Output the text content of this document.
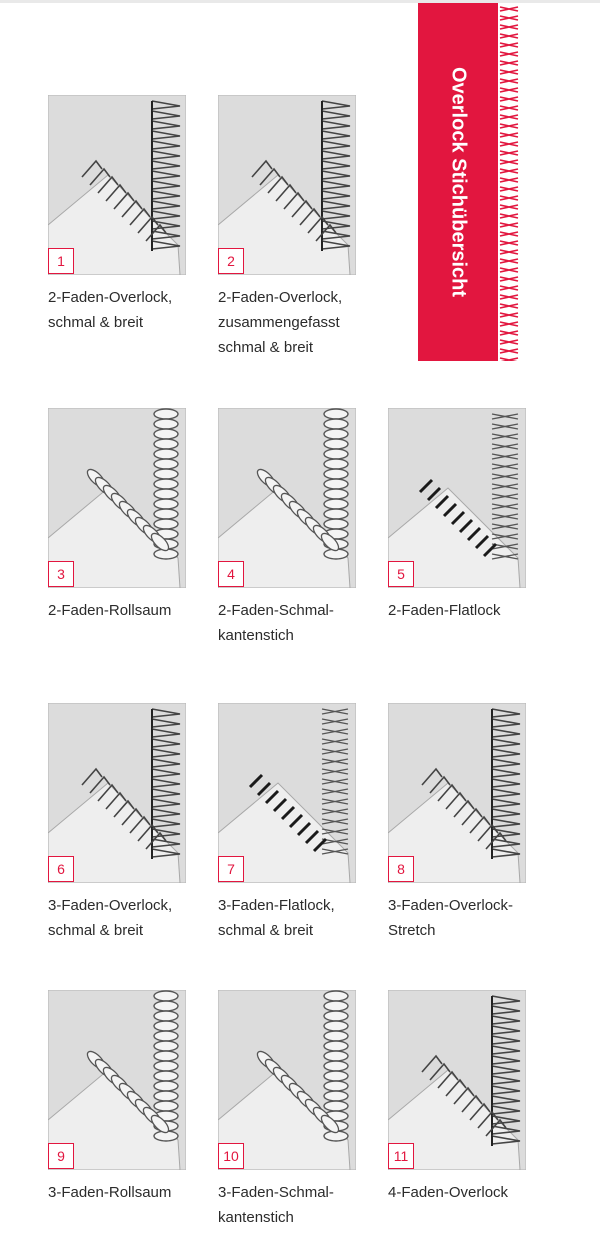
Overlock Stichübersicht
1
2-Faden-Overlock,
schmal & breit
2
2-Faden-Overlock,
zusammengefasst
schmal & breit
3
2-Faden-Rollsaum
4
2-Faden-Schmal-
kantenstich
5
2-Faden-Flatlock
6
3-Faden-Overlock,
schmal & breit
7
3-Faden-Flatlock,
schmal & breit
8
3-Faden-Overlock-
Stretch
9
3-Faden-Rollsaum
10
3-Faden-Schmal-
kantenstich
11
4-Faden-Overlock
